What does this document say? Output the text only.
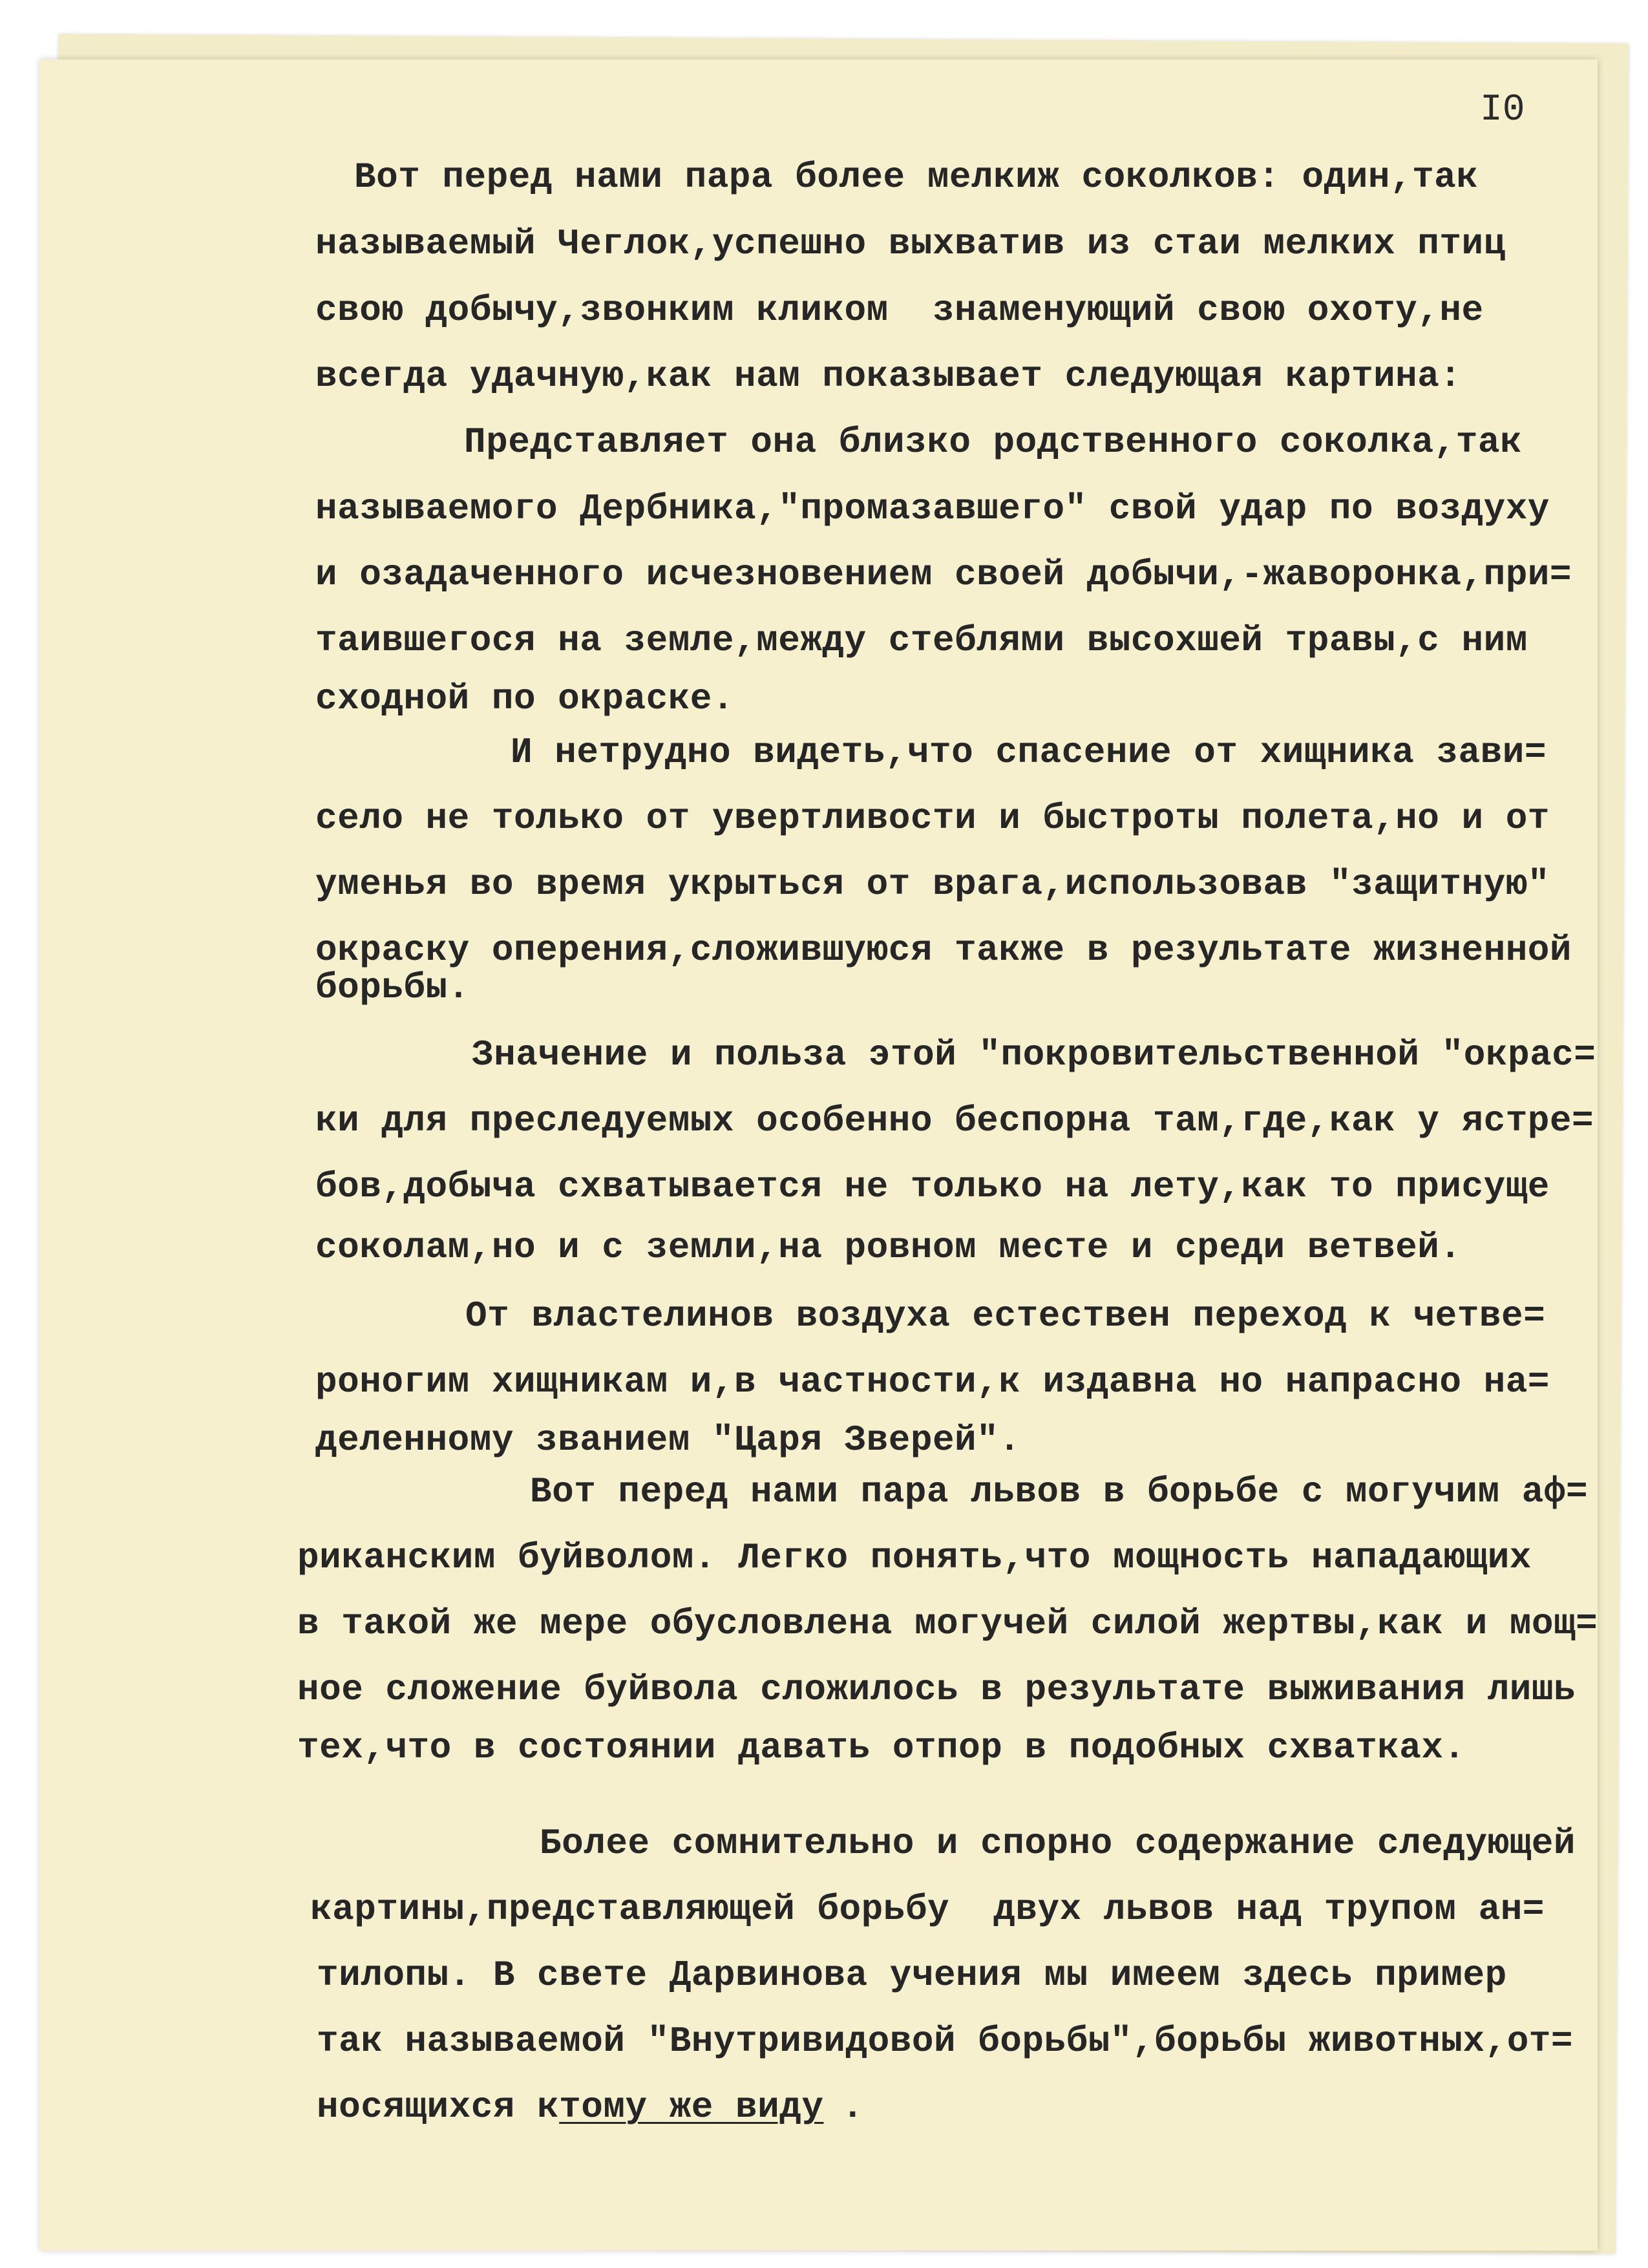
I0
Вот перед нами пара более мелкиж соколков: один,так
называемый Чеглок,успешно выхватив из стаи мелких птиц
свою добычу,звонким кликом  знаменующий свою охоту,не
всегда удачную,как нам показывает следующая картина:
Представляет она близко родственного соколка,так
называемого Дербника,"промазавшего" свой удар по воздуху
и озадаченного исчезновением своей добычи,-жаворонка,при=
таившегося на земле,между стеблями высохшей травы,с ним
сходной по окраске.
И нетрудно видеть,что спасение от хищника зави=
село не только от увертливости и быстроты полета,но и от
уменья во время укрыться от врага,использовав "защитную"
окраску оперения,сложившуюся также в результате жизненной
борьбы.
Значение и польза этой "покровительственной "окрас=
ки для преследуемых особенно беспорна там,где,как у ястре=
бов,добыча схватывается не только на лету,как то присуще
соколам,но и с земли,на ровном месте и среди ветвей.
От властелинов воздуха естествен переход к четве=
роногим хищникам и,в частности,к издавна но напрасно на=
деленному званием "Царя Зверей".
Вот перед нами пара львов в борьбе с могучим аф=
риканским буйволом. Легко понять,что мощность нападающих
в такой же мере обусловлена могучей силой жертвы,как и мощ=
ное сложение буйвола сложилось в результате выживания лишь
тех,что в состоянии давать отпор в подобных схватках.
Более сомнительно и спорно содержание следующей
картины,представляющей борьбу  двух львов над трупом ан=
тилопы. В свете Дарвинова учения мы имеем здесь пример
так называемой "Внутривидовой борьбы",борьбы животных,от=
носящихся ктому же виду .
